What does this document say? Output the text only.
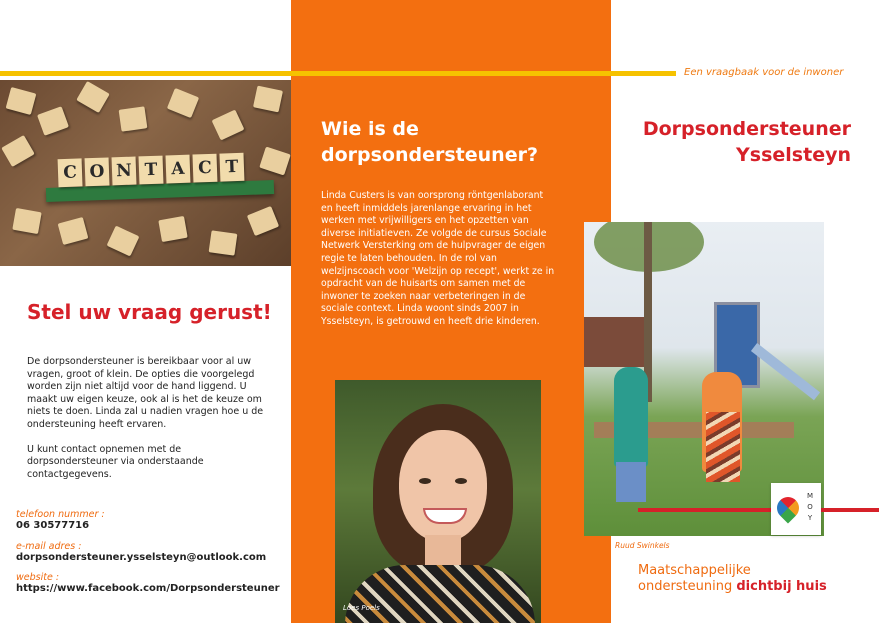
Een vraagbaak voor de inwoner
C O N T A C T
Stel uw vraag gerust!

De dorpsondersteuner is bereikbaar voor al uw vragen, groot of klein. De opties die voorgelegd worden zijn niet altijd voor de hand liggend. U maakt uw eigen keuze, ook al is het de keuze om niets te doen. Linda zal u nadien vragen hoe u de ondersteuning heeft ervaren.

U kunt contact opnemen met de dorpsondersteuner via onderstaande contactgegevens.

telefoon nummer :
06 30577716
e-mail adres :
dorpsondersteuner.ysselsteyn@outlook.com
website :
https://www.facebook.com/Dorpsondersteuner
Wie is de
dorpsondersteuner?
Linda Custers is van oorsprong röntgenlaborant en heeft inmiddels jarenlange ervaring in het werken met vrijwilligers en het opzetten van diverse initiatieven. Ze volgde de cursus Sociale Netwerk Versterking om de hulpvrager de eigen regie te laten behouden. In de rol van welzijnscoach voor 'Welzijn op recept', werkt ze in opdracht van de huisarts om samen met de inwoner te zoeken naar verbeteringen in de sociale context. Linda woont sinds 2007 in Ysselsteyn, is getrouwd en heeft drie kinderen.
Loes Poels
Dorpsondersteuner
Ysselsteyn
M
O
Y
Ruud Swinkels
Maatschappelijke
ondersteuning dichtbij huis
